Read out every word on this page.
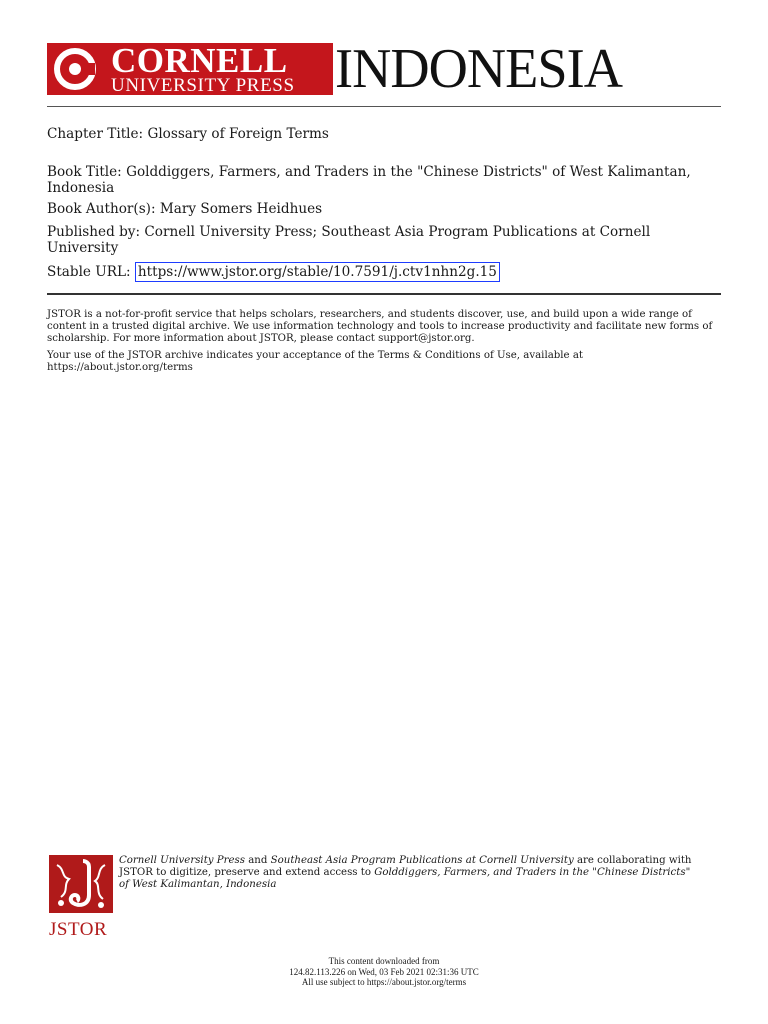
CORNELL
UNIVERSITY PRESS INDONESIA

Chapter Title: Glossary of Foreign Terms

Book Title: Golddiggers, Farmers, and Traders in the "Chinese Districts" of West Kalimantan, Indonesia

Book Author(s): Mary Somers Heidhues

Published by: Cornell University Press; Southeast Asia Program Publications at Cornell University

Stable URL: https://www.jstor.org/stable/10.7591/j.ctv1nhn2g.15

JSTOR is a not-for-profit service that helps scholars, researchers, and students discover, use, and build upon a wide range of content in a trusted digital archive. We use information technology and tools to increase productivity and facilitate new forms of scholarship. For more information about JSTOR, please contact support@jstor.org.
Your use of the JSTOR archive indicates your acceptance of the Terms & Conditions of Use, available at https://about.jstor.org/terms
JSTOR
Cornell University Press and Southeast Asia Program Publications at Cornell University are collaborating with JSTOR to digitize, preserve and extend access to Golddiggers, Farmers, and Traders in the "Chinese Districts" of West Kalimantan, Indonesia
This content downloaded from
124.82.113.226 on Wed, 03 Feb 2021 02:31:36 UTC
All use subject to https://about.jstor.org/terms
